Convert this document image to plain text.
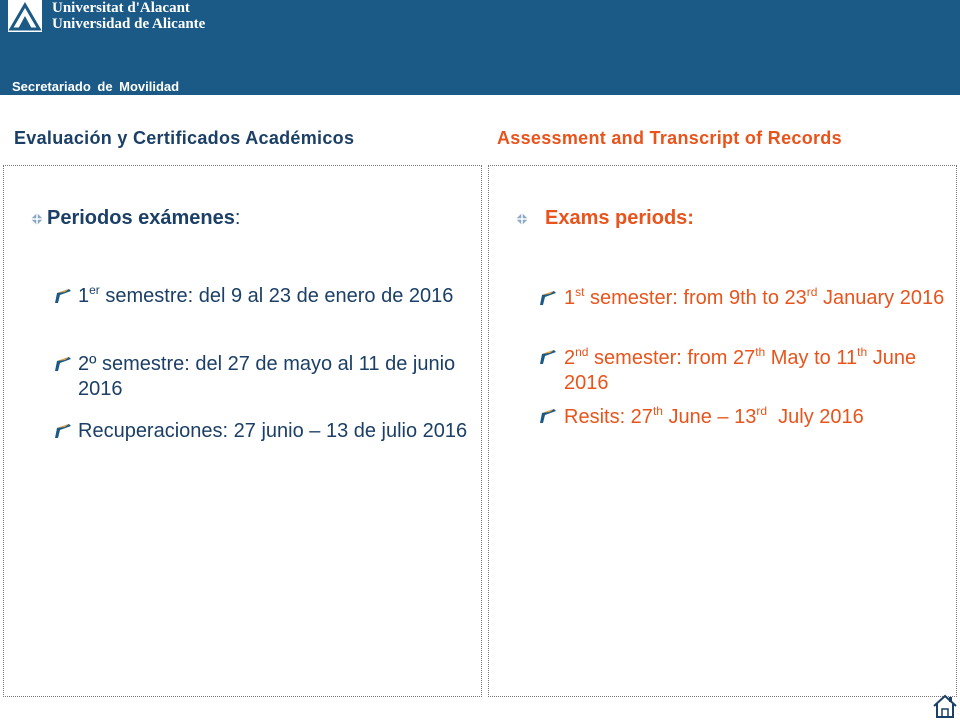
Universitat d'Alacant
Universidad de Alicante
Secretariado de Movilidad
Evaluación y Certificados Académicos	Assessment and Transcript of Records
Periodos exámenes:
1er semestre: del 9 al 23 de enero de 2016
2º semestre: del 27 de mayo al 11 de junio 2016
Recuperaciones: 27 junio – 13 de julio 2016
Exams periods:
1st semester: from 9th to 23rd January 2016
2nd semester: from 27th May to 11th June 2016
Resits: 27th June – 13rd  July 2016
